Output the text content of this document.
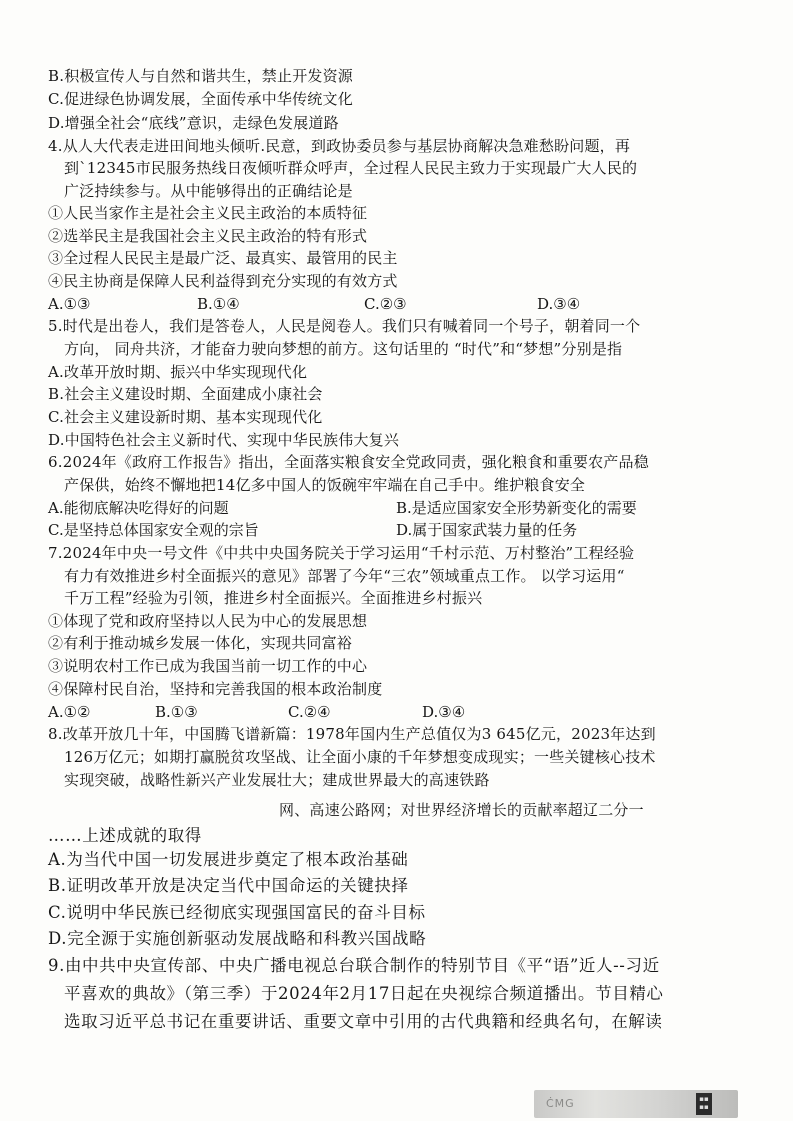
B.积极宣传人与自然和谐共生，禁止开发资源
C.促进绿色协调发展，全面传承中华传统文化
D.增强全社会“底线”意识，走绿色发展道路
4.从人大代表走进田间地头倾听.民意，到政协委员参与基层协商解决急难愁盼问题，再
到`12345市民服务热线日夜倾听群众呼声，全过程人民民主致力于实现最广大人民的
广泛持续参与。从中能够得出的正确结论是
①人民当家作主是社会主义民主政治的本质特征
②选举民主是我国社会主义民主政治的特有形式
③全过程人民民主是最广泛、最真实、最管用的民主
④民主协商是保障人民利益得到充分实现的有效方式
A.①③	B.①④	C.②③	D.③④
5.时代是出卷人，我们是答卷人，人民是阅卷人。我们只有喊着同一个号子，朝着同一个
方向， 同舟共济，才能奋力驶向梦想的前方。这句话里的 “时代”和“梦想”分别是指
A.改革开放时期、振兴中华实现现代化
B.社会主义建设时期、全面建成小康社会
C.社会主义建设新时期、基本实现现代化
D.中国特色社会主义新时代、实现中华民族伟大复兴
6.2024年《政府工作报告》指出，全面落实粮食安全党政同责，强化粮食和重要农产品稳
产保供，始终不懈地把14亿多中国人的饭碗牢牢端在自己手中。维护粮食安全
A.能彻底解决吃得好的问题	B.是适应国家安全形势新变化的需要
C.是坚持总体国家安全观的宗旨	D.属于国家武装力量的任务
7.2024年中央一号文件《中共中央国务院关于学习运用“千村示范、万村整治”工程经验
有力有效推进乡村全面振兴的意见》部署了今年“三农”领域重点工作。 以学习运用“
千万工程”经验为引领，推进乡村全面振兴。全面推进乡村振兴
①体现了党和政府坚持以人民为中心的发展思想
②有利于推动城乡发展一体化，实现共同富裕
③说明农村工作已成为我国当前一切工作的中心
④保障村民自治，坚持和完善我国的根本政治制度
A.①②	B.①③	C.②④	D.③④
8.改革开放几十年，中国腾飞谱新篇：1978年国内生产总值仅为3 645亿元，2023年达到
126万亿元；如期打赢脱贫攻坚战、让全面小康的千年梦想变成现实；一些关键核心技术
实现突破，战略性新兴产业发展壮大；建成世界最大的高速铁路
网、高速公路网；对世界经济增长的贡献率超辽二分一
……上述成就的取得
A.为当代中国一切发展进步奠定了根本政治基础
B.证明改革开放是决定当代中国命运的关键抉择
C.说明中华民族已经彻底实现强国富民的奋斗目标
D.完全源于实施创新驱动发展战略和科教兴国战略
9.由中共中央宣传部、中央广播电视总台联合制作的特别节目《平“语”近人--习近
平喜欢的典故》（第三季）于2024年2月17日起在央视综合频道播出。节目精心
选取习近平总书记在重要讲话、重要文章中引用的古代典籍和经典名句，在解读
ĊMG	▪▪
▪▪
